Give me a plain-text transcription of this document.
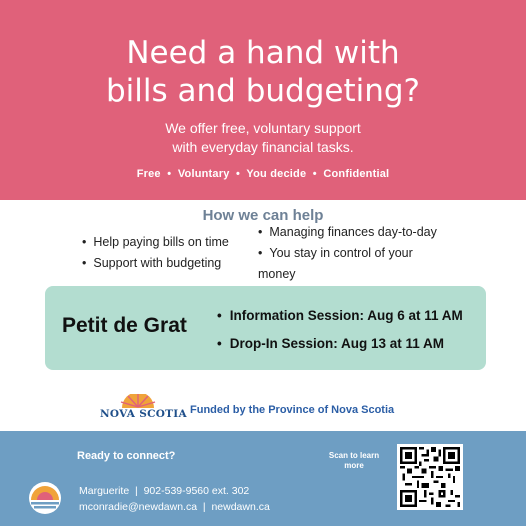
Need a hand with
bills and budgeting?
We offer free, voluntary support
with everyday financial tasks.
Free  •  Voluntary  •  You decide  •  Confidential
How we can help
• Help paying bills on time
• Support with budgeting
• Managing finances day-to-day
• You stay in control of your
money
Petit de Grat
•	Information Session: Aug 6 at 11 AM
• Drop-In Session: Aug 13 at 11 AM
NOVA SCOTIA Funded by the Province of Nova Scotia
Ready to connect?	Scan to learn
more
Marguerite  |  902-539-9560 ext. 302
mconradie@newdawn.ca  |  newdawn.ca
